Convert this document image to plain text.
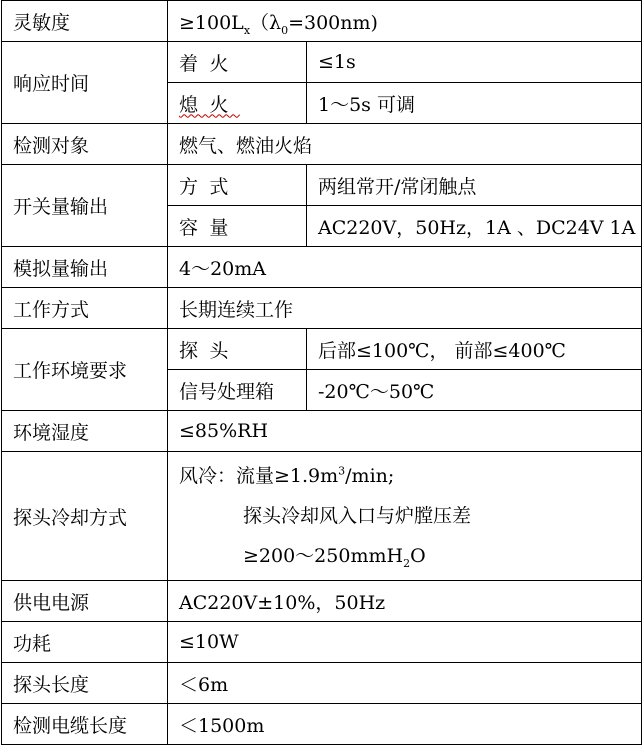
灵敏度	$\ge 100L_x(\lambda_0=300nm)$	
响应时间	着火	≤1s
	熄火	1～5s 可调
检测对象	燃气、燃油火焰	
开关量输出	方式	两组常开/常闭触点
	容量	AC220V，50Hz，1A 、DC24V 1A
模拟量输出	4～20mA	
工作方式	长期连续工作	
工作环境要求	探头	后部≤100℃， 前部≤400℃
	信号处理箱	-20℃～50℃
环境湿度	≤85%RH	
探头冷却方式	风冷：流量$\ge 1.9m^3/\min$;
探头冷却风入口与炉膛压差
≥200～250mmH$_2$O	

供电电源	AC220V±10%，50Hz	
功耗	≤10W	
探头长度	＜6m	
检测电缆长度	＜1500m	
